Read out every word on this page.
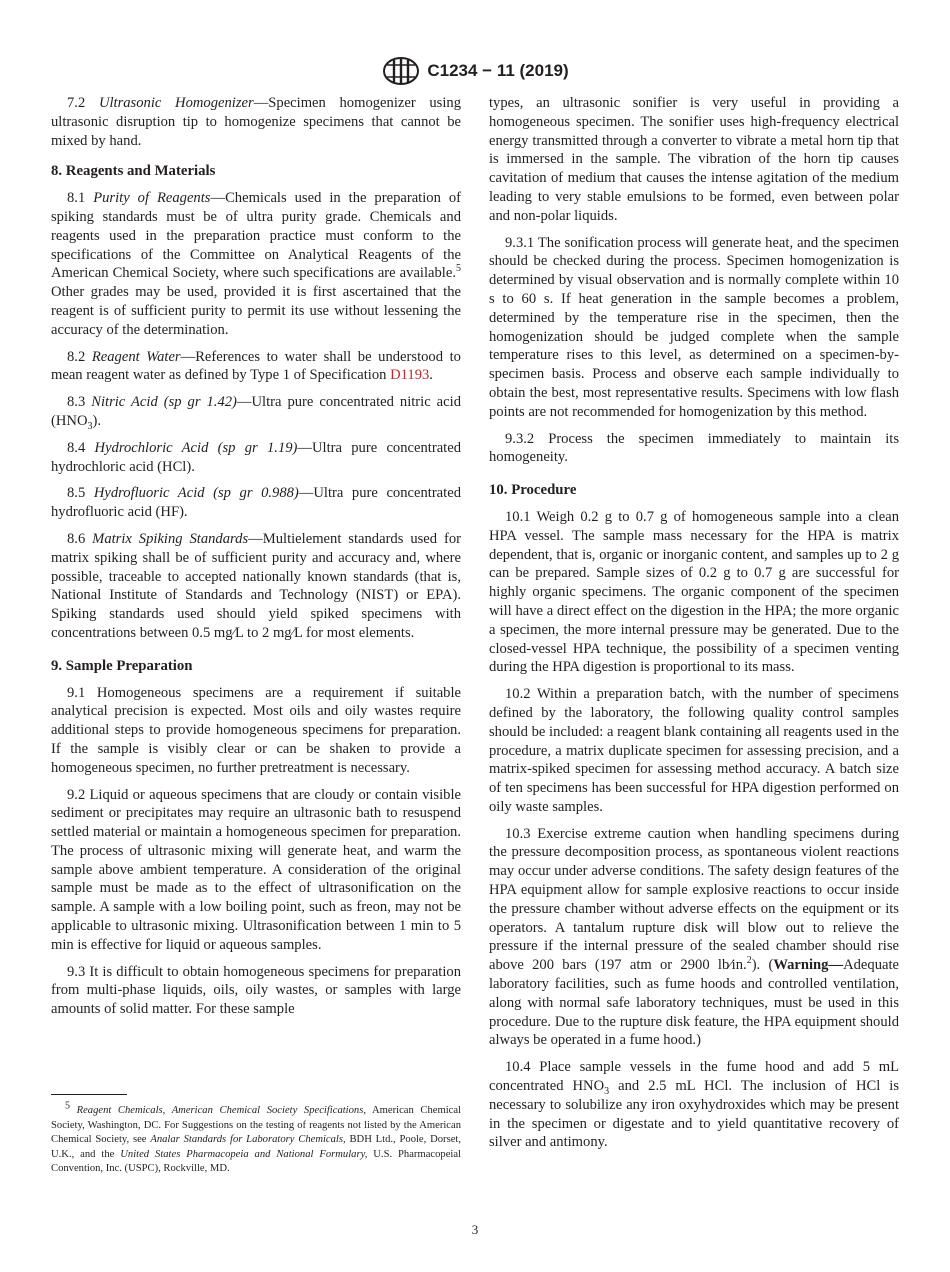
C1234 − 11 (2019)

7.2 Ultrasonic Homogenizer—Specimen homogenizer using ultrasonic disruption tip to homogenize specimens that cannot be mixed by hand.

8. Reagents and Materials

8.1 Purity of Reagents—Chemicals used in the preparation of spiking standards must be of ultra purity grade. Chemicals and reagents used in the preparation practice must conform to the specifications of the Committee on Analytical Reagents of the American Chemical Society, where such specifications are available.$^5$ Other grades may be used, provided it is first ascertained that the reagent is of sufficient purity to permit its use without lessening the accuracy of the determination.

8.2 Reagent Water—References to water shall be understood to mean reagent water as defined by Type 1 of Specification D1193.

8.3 Nitric Acid (sp gr 1.42)—Ultra pure concentrated nitric acid $(HNO_3)$.

8.4 Hydrochloric Acid (sp gr 1.19)—Ultra pure concentrated hydrochloric acid (HCl).

8.5 Hydrofluoric Acid (sp gr 0.988)—Ultra pure concentrated hydrofluoric acid (HF).

8.6 Matrix Spiking Standards—Multielement standards used for matrix spiking shall be of sufficient purity and accuracy and, where possible, traceable to accepted nationally known standards (that is, National Institute of Standards and Technology (NIST) or EPA). Spiking standards used should yield spiked specimens with concentrations between 0.5 mg⁄L to 2 mg⁄L for most elements.

9. Sample Preparation

9.1 Homogeneous specimens are a requirement if suitable analytical precision is expected. Most oils and oily wastes require additional steps to provide homogeneous specimens for preparation. If the sample is visibly clear or can be shaken to provide a homogeneous specimen, no further pretreatment is necessary.

9.2 Liquid or aqueous specimens that are cloudy or contain visible sediment or precipitates may require an ultrasonic bath to resuspend settled material or maintain a homogeneous specimen for preparation. The process of ultrasonic mixing will generate heat, and warm the sample above ambient temperature. A consideration of the original sample must be made as to the effect of ultrasonification on the sample. A sample with a low boiling point, such as freon, may not be applicable to ultrasonic mixing. Ultrasonification between 1 min to 5 min is effective for liquid or aqueous samples.

9.3 It is difficult to obtain homogeneous specimens for preparation from multi-phase liquids, oils, oily wastes, or samples with large amounts of solid matter. For these sample

$^5$ Reagent Chemicals, American Chemical Society Specifications, American Chemical Society, Washington, DC. For Suggestions on the testing of reagents not listed by the American Chemical Society, see Analar Standards for Laboratory Chemicals, BDH Ltd., Poole, Dorset, U.K., and the United States Pharmacopeia and National Formulary, U.S. Pharmacopeial Convention, Inc. (USPC), Rockville, MD.

types, an ultrasonic sonifier is very useful in providing a homogeneous specimen. The sonifier uses high-frequency electrical energy transmitted through a converter to vibrate a metal horn tip that is immersed in the sample. The vibration of the horn tip causes cavitation of medium that causes the intense agitation of the medium leading to very stable emulsions to be formed, even between polar and non-polar liquids.

9.3.1 The sonification process will generate heat, and the specimen should be checked during the process. Specimen homogenization is determined by visual observation and is normally complete within 10 s to 60 s. If heat generation in the sample becomes a problem, determined by the temperature rise in the specimen, then the homogenization should be judged complete when the sample temperature rises to this level, as determined on a specimen-by-specimen basis. Process and observe each sample individually to obtain the best, most representative results. Specimens with low flash points are not recommended for homogenization by this method.

9.3.2 Process the specimen immediately to maintain its homogeneity.

10. Procedure

10.1 Weigh 0.2 g to 0.7 g of homogeneous sample into a clean HPA vessel. The sample mass necessary for the HPA is matrix dependent, that is, organic or inorganic content, and samples up to 2 g can be prepared. Sample sizes of 0.2 g to 0.7 g are successful for highly organic specimens. The organic component of the specimen will have a direct effect on the digestion in the HPA; the more organic a specimen, the more internal pressure may be generated. Due to the closed-vessel HPA technique, the possibility of a specimen venting during the HPA digestion is proportional to its mass.

10.2 Within a preparation batch, with the number of specimens defined by the laboratory, the following quality control samples should be included: a reagent blank containing all reagents used in the procedure, a matrix duplicate specimen for assessing precision, and a matrix-spiked specimen for assessing method accuracy. A batch size of ten specimens has been successful for HPA digestion performed on oily waste samples.

10.3 Exercise extreme caution when handling specimens during the pressure decomposition process, as spontaneous violent reactions may occur under adverse conditions. The safety design features of the HPA equipment allow for sample explosive reactions to occur inside the pressure chamber without adverse effects on the equipment or its operators. A tantalum rupture disk will blow out to relieve the pressure if the internal pressure of the sealed chamber should rise above 200 bars (197 atm or 2900 lb⁄in.$^2$). (Warning—Adequate laboratory facilities, such as fume hoods and controlled ventilation, along with normal safe laboratory techniques, must be used in this procedure. Due to the rupture disk feature, the HPA equipment should always be operated in a fume hood.)

10.4 Place sample vessels in the fume hood and add 5 mL concentrated $HNO_3$ and 2.5 mL HCl. The inclusion of HCl is necessary to solubilize any iron oxyhydroxides which may be present in the specimen or digestate and to yield quantitative recovery of silver and antimony.

3
